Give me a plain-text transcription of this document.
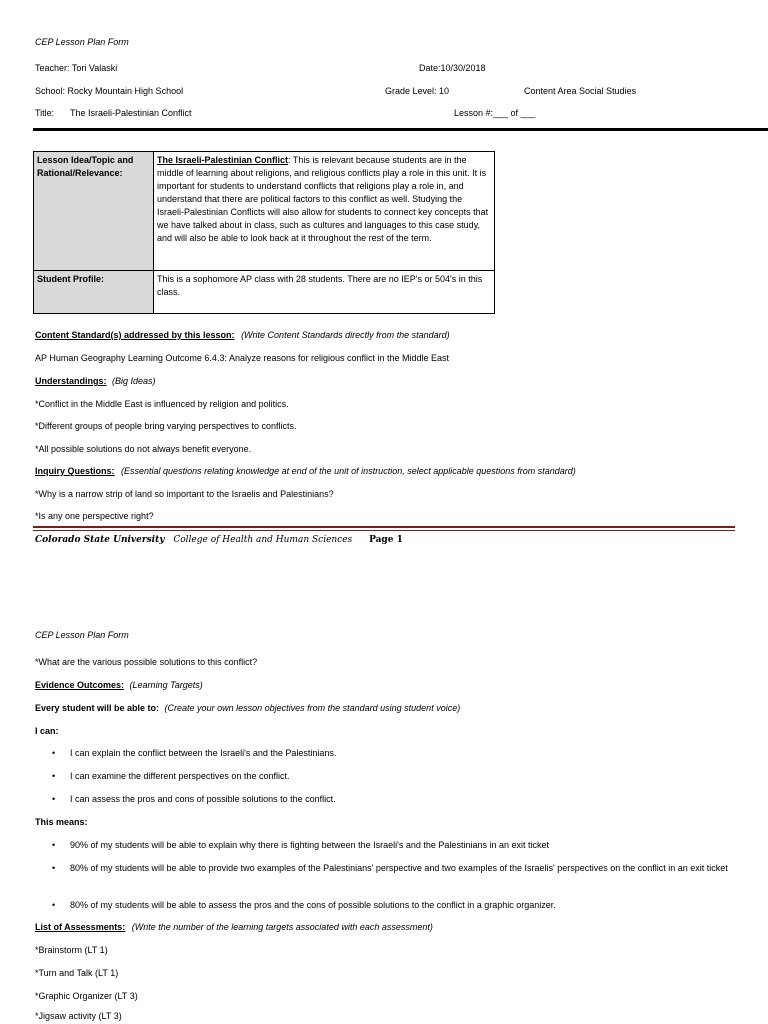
CEP Lesson Plan Form
Teacher: Tori Valaski	Date:10/30/2018
School: Rocky Mountain High School	Grade Level: 10	Content Area Social Studies
Title: The Israeli-Palestinian Conflict	Lesson #:___ of ___
Lesson Idea/Topic and Rational/Relevance:	The Israeli-Palestinian Conflict: This is relevant because students are in the middle of learning about religions, and religious conflicts play a role in this unit. It is important for students to understand conflicts that religions play a role in, and understand that there are political factors to this conflict as well. Studying the Israeli-Palestinian Conflicts will also allow for students to connect key concepts that we have talked about in class, such as cultures and languages to this case study, and will also be able to look back at it throughout the rest of the term.
Student Profile:	This is a sophomore AP class with 28 students. There are no IEP's or 504's in this class.
Content Standard(s) addressed by this lesson: (Write Content Standards directly from the standard)
AP Human Geography Learning Outcome 6.4.3: Analyze reasons for religious conflict in the Middle East
Understandings: (Big Ideas)
*Conflict in the Middle East is influenced by religion and politics.
*Different groups of people bring varying perspectives to conflicts.
*All possible solutions do not always benefit everyone.
Inquiry Questions: (Essential questions relating knowledge at end of the unit of instruction, select applicable questions from standard)
*Why is a narrow strip of land so important to the Israelis and Palestinians?
*Is any one perspective right?
Colorado State University College of Health and Human Sciences Page 1
CEP Lesson Plan Form
*What are the various possible solutions to this conflict?
Evidence Outcomes: (Learning Targets)
Every student will be able to: (Create your own lesson objectives from the standard using student voice)
I can:
• I can explain the conflict between the Israeli's and the Palestinians.
• I can examine the different perspectives on the conflict.
• I can assess the pros and cons of possible solutions to the conflict.
This means:
• 90% of my students will be able to explain why there is fighting between the Israeli's and the Palestinians in an exit ticket
• 80% of my students will be able to provide two examples of the Palestinians' perspective and two examples of the Israelis' perspectives on the conflict in an exit ticket
• 80% of my students will be able to assess the pros and the cons of possible solutions to the conflict in a graphic organizer.
List of Assessments: (Write the number of the learning targets associated with each assessment)
*Brainstorm (LT 1)
*Turn and Talk (LT 1)
*Graphic Organizer (LT 3)
*Jigsaw activity (LT 3)
